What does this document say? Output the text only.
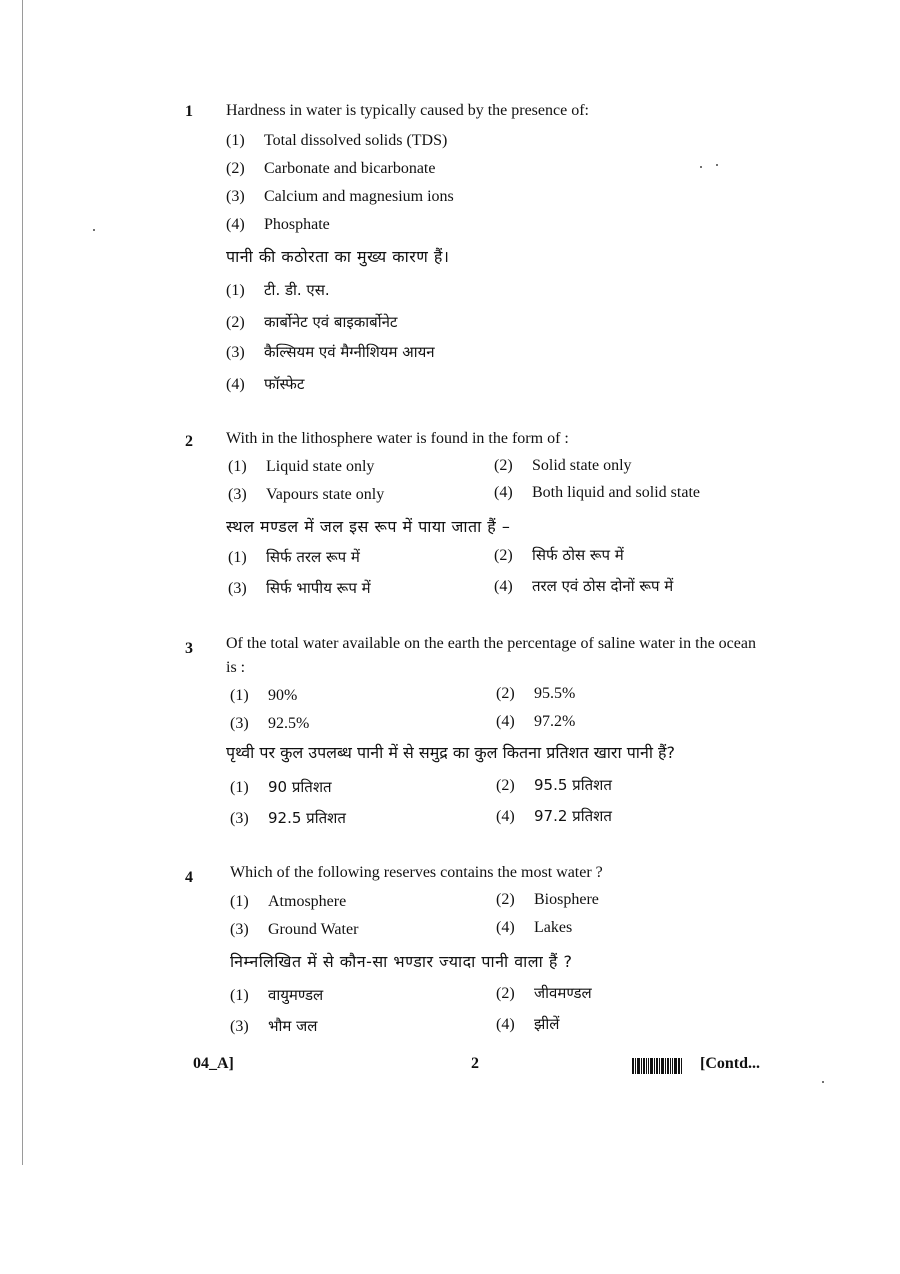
1 Hardness in water is typically caused by the presence of:
(1) Total dissolved solids (TDS)
(2) Carbonate and bicarbonate
(3) Calcium and magnesium ions
(4) Phosphate
पानी की कठोरता का मुख्य कारण हैं।
(1) टी. डी. एस.
(2) कार्बोनेट एवं बाइकार्बोनेट
(3) कैल्सियम एवं मैग्नीशियम आयन
(4) फॉस्फेट
2 With in the lithosphere water is found in the form of :
(1) Liquid state only	(2) Solid state only
(3) Vapours state only	(4) Both liquid and solid state
स्थल मण्डल में जल इस रूप में पाया जाता हैं –
(1) सिर्फ तरल रूप में	(2) सिर्फ ठोस रूप में
(3) सिर्फ भापीय रूप में	(4) तरल एवं ठोस दोनों रूप में
3 Of the total water available on the earth the percentage of saline water in the ocean is :
(1) 90%	(2) 95.5%
(3) 92.5%	(4) 97.2%
पृथ्वी पर कुल उपलब्ध पानी में से समुद्र का कुल कितना प्रतिशत खारा पानी हैं?
(1) 90 प्रतिशत	(2) 95.5 प्रतिशत
(3) 92.5 प्रतिशत	(4) 97.2 प्रतिशत
4 Which of the following reserves contains the most water ?
(1) Atmosphere	(2) Biosphere
(3) Ground Water	(4) Lakes
निम्नलिखित में से कौन-सा भण्डार ज्यादा पानी वाला हैं ?
(1) वायुमण्डल	(2) जीवमण्डल
(3) भौम जल	(4) झीलें
04_A]	2	[Contd...
